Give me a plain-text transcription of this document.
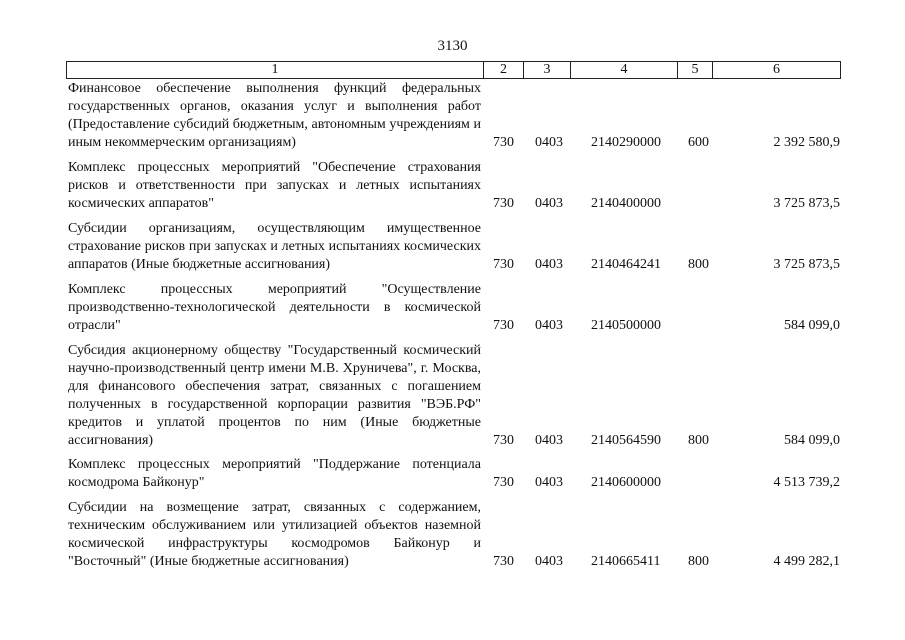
3130
1	2	3	4	5	6
Финансовое обеспечение выполнения функций федеральных государственных органов, оказания услуг и выполнения работ (Предоставление субсидий бюджетным, автономным учреждениям и иным некоммерческим организациям)	730 0403 2140290000 600	2 392 580,9
Комплекс процессных мероприятий "Обеспечение страхования рисков и ответственности при запусках и летных испытаниях космических аппаратов"	730 0403 2140400000	3 725 873,5
Субсидии организациям, осуществляющим имущественное страхование рисков при запусках и летных испытаниях космических аппаратов (Иные бюджетные ассигнования)	730 0403 2140464241 800	3 725 873,5
Комплекс процессных мероприятий "Осуществление производственно-технологической деятельности в космической отрасли"	730 0403 2140500000	584 099,0
Субсидия акционерному обществу "Государственный космический научно-производственный центр имени М.В. Хруничева", г. Москва, для финансового обеспечения затрат, связанных с погашением полученных в государственной корпорации развития "ВЭБ.РФ" кредитов и уплатой процентов по ним (Иные бюджетные ассигнования)	730 0403 2140564590 800	584 099,0
Комплекс процессных мероприятий "Поддержание потенциала космодрома Байконур"	730 0403 2140600000	4 513 739,2
Субсидии на возмещение затрат, связанных с содержанием, техническим обслуживанием или утилизацией объектов наземной космической инфраструктуры космодромов Байконур и "Восточный" (Иные бюджетные ассигнования)	730 0403 2140665411 800	4 499 282,1
